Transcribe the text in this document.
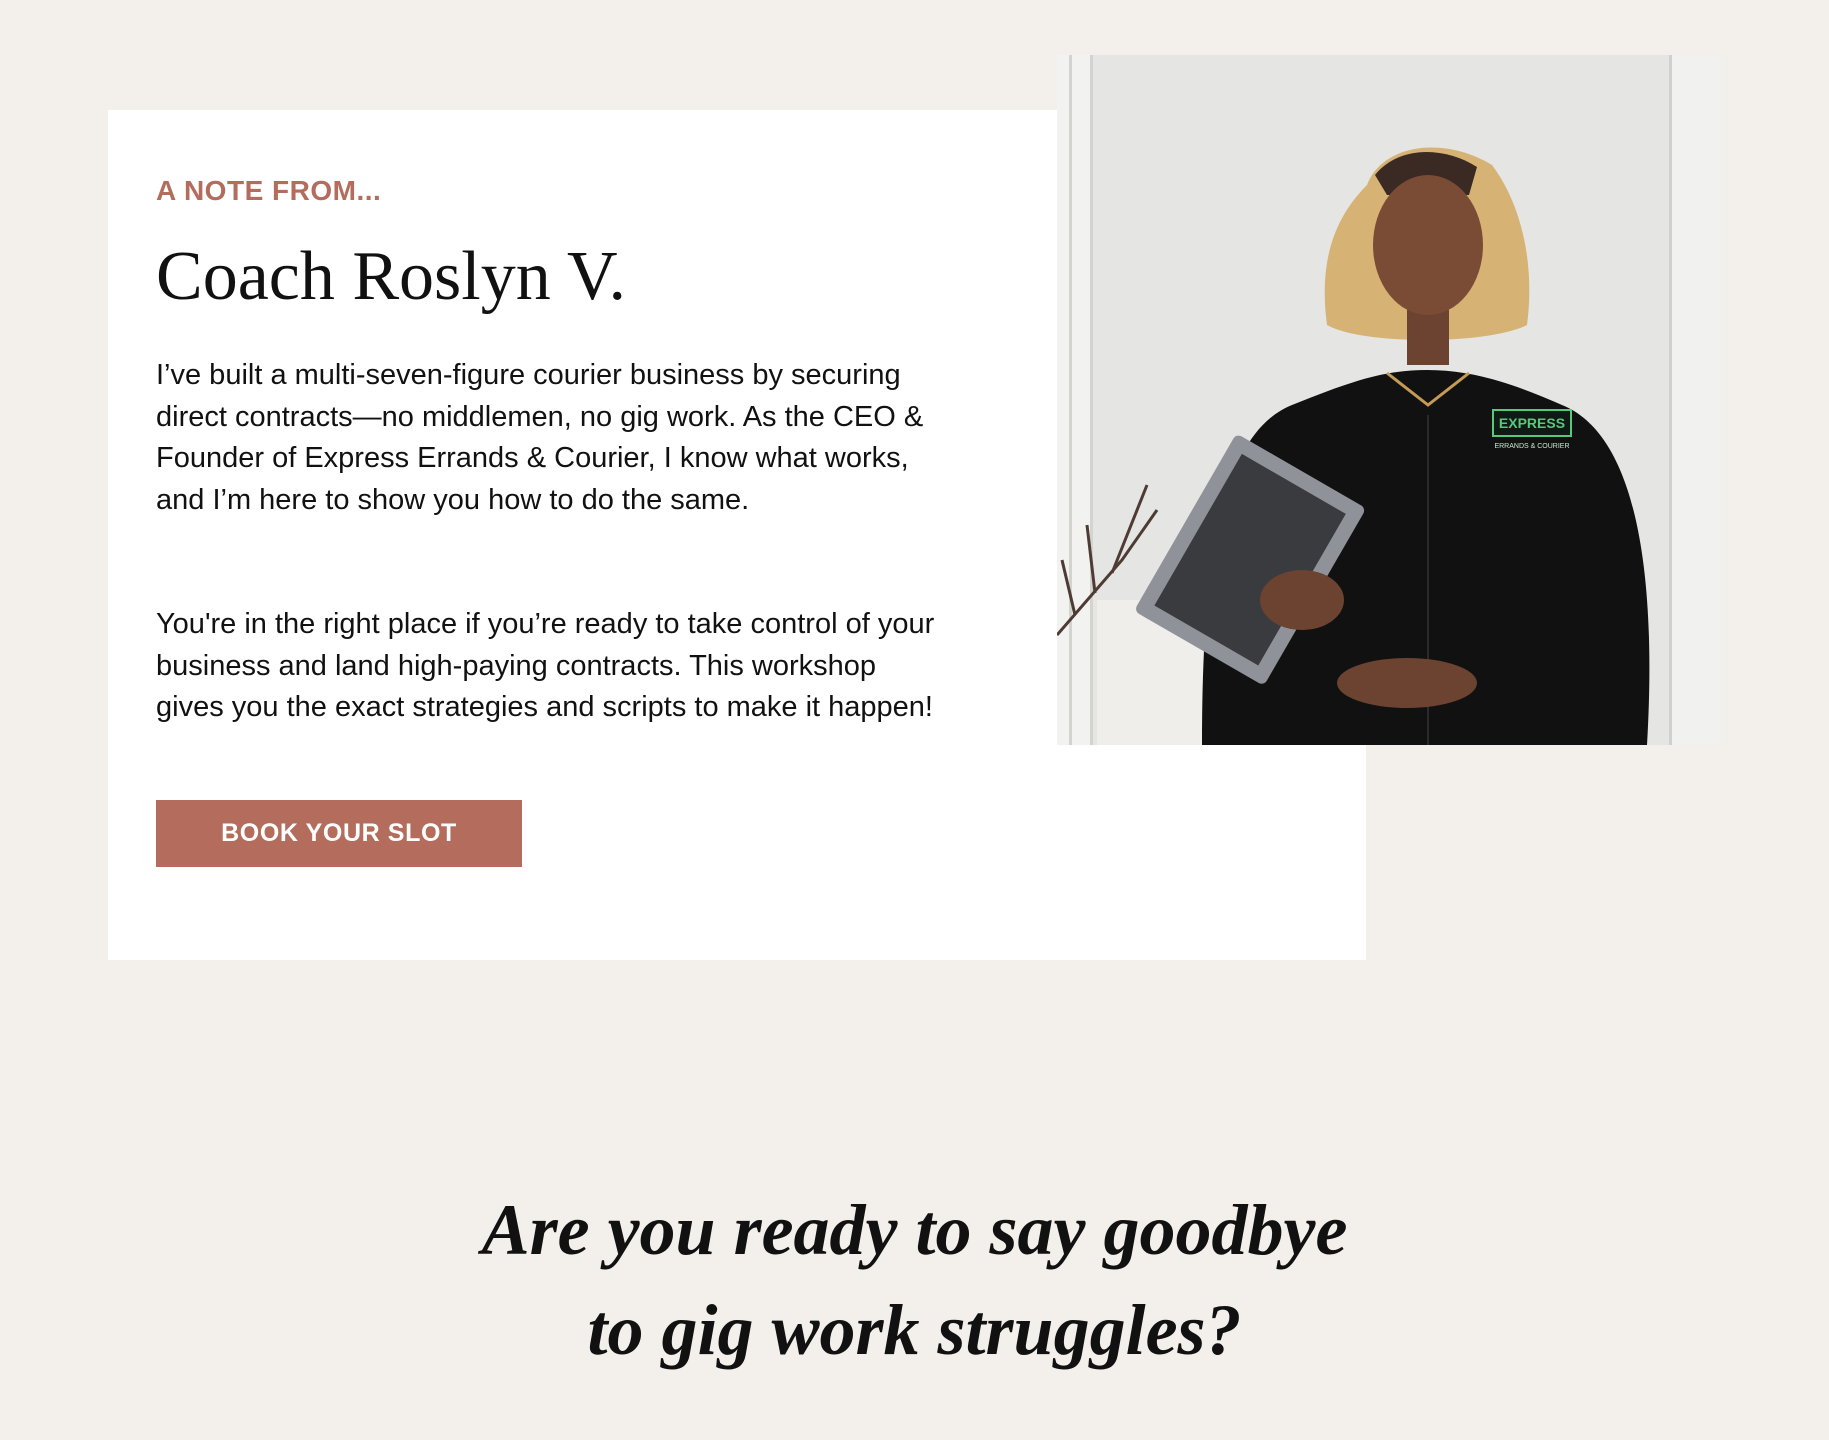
A NOTE FROM...

Coach Roslyn V.

I’ve built a multi-seven-figure courier business by securing direct contracts—no middlemen, no gig work. As the CEO & Founder of Express Errands & Courier, I know what works, and I’m here to show you how to do the same.

You're in the right place if you’re ready to take control of your business and land high-paying contracts. This workshop gives you the exact strategies and scripts to make it happen!

BOOK YOUR SLOT
EXPRESS
ERRANDS & COURIER
Are you ready to say goodbye
to gig work struggles?
